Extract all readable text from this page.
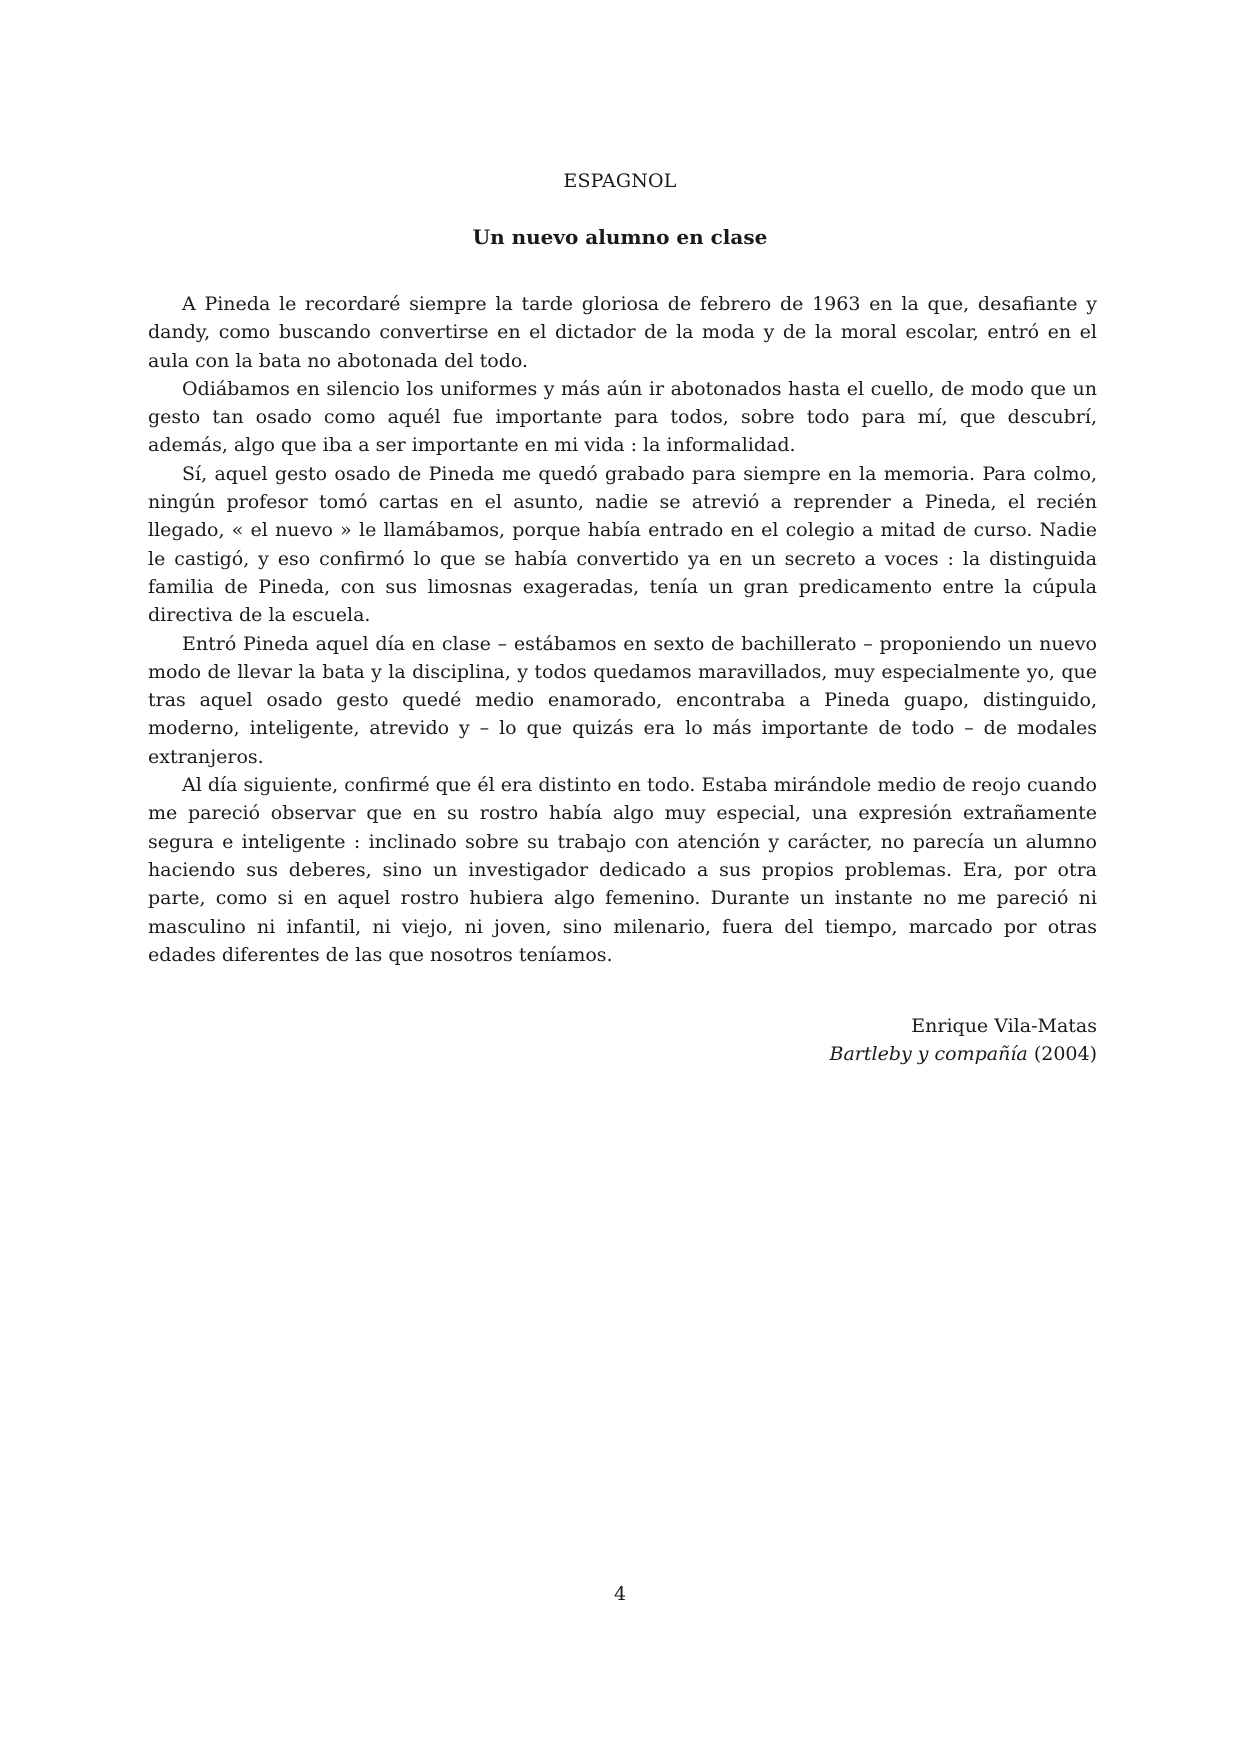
ESPAGNOL
Un nuevo alumno en clase

A Pineda le recordaré siempre la tarde gloriosa de febrero de 1963 en la que, desafiante y dandy, como buscando convertirse en el dictador de la moda y de la moral escolar, entró en el aula con la bata no abotonada del todo.

Odiábamos en silencio los uniformes y más aún ir abotonados hasta el cuello, de modo que un gesto tan osado como aquél fue importante para todos, sobre todo para mí, que descubrí, además, algo que iba a ser importante en mi vida : la informalidad.

Sí, aquel gesto osado de Pineda me quedó grabado para siempre en la memoria. Para colmo, ningún profesor tomó cartas en el asunto, nadie se atrevió a reprender a Pineda, el recién llegado, « el nuevo » le llamábamos, porque había entrado en el colegio a mitad de curso. Nadie le castigó, y eso confirmó lo que se había convertido ya en un secreto a voces : la distinguida familia de Pineda, con sus limosnas exageradas, tenía un gran predicamento entre la cúpula directiva de la escuela.

Entró Pineda aquel día en clase – estábamos en sexto de bachillerato – proponiendo un nuevo modo de llevar la bata y la disciplina, y todos quedamos maravillados, muy especialmente yo, que tras aquel osado gesto quedé medio enamorado, encontraba a Pineda guapo, distinguido, moderno, inteligente, atrevido y – lo que quizás era lo más importante de todo – de modales extranjeros.

Al día siguiente, confirmé que él era distinto en todo. Estaba mirándole medio de reojo cuando me pareció observar que en su rostro había algo muy especial, una expresión extrañamente segura e inteligente : inclinado sobre su trabajo con atención y carácter, no parecía un alumno haciendo sus deberes, sino un investigador dedicado a sus propios problemas. Era, por otra parte, como si en aquel rostro hubiera algo femenino. Durante un instante no me pareció ni masculino ni infantil, ni viejo, ni joven, sino milenario, fuera del tiempo, marcado por otras edades diferentes de las que nosotros teníamos.

Enrique Vila-Matas
Bartleby y compañía (2004)
4
